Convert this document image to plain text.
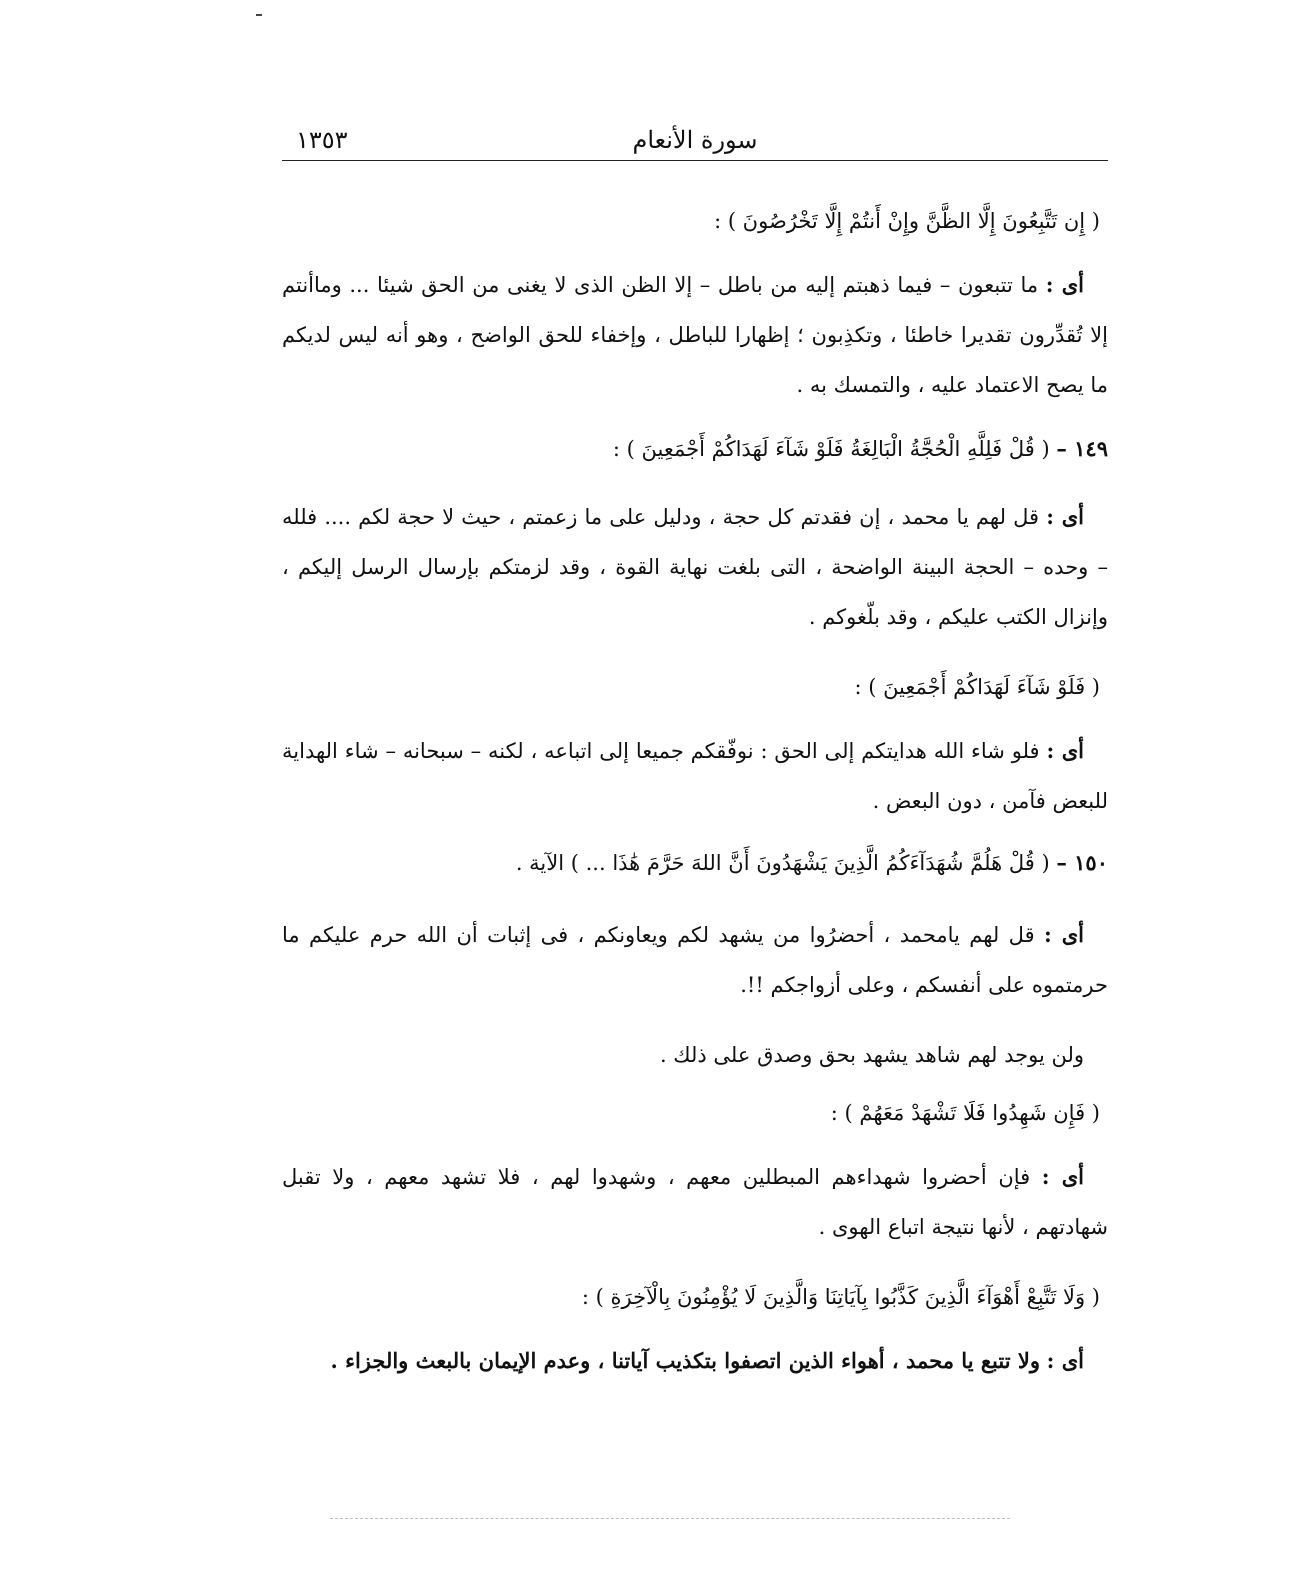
سورة الأنعام
١٣٥٣
( إِن تَتَّبِعُونَ إِلَّا الظَّنَّ وإِنْ أَنتُمْ إِلَّا تَخْرُصُونَ ) :
أى : ما تتبعون – فيما ذهبتم إليه من باطل – إلا الظن الذى لا يغنى من الحق شيئا ... وماأنتم إلا تُقدِّرون تقديرا خاطئا ، وتكذِبون ؛ إظهارا للباطل ، وإخفاء للحق الواضح ، وهو أنه ليس لديكم ما يصح الاعتماد عليه ، والتمسك به .
١٤٩ – ( قُلْ فَلِلَّهِ الْحُجَّةُ الْبَالِغَةُ فَلَوْ شَآءَ لَهَدَاكُمْ أَجْمَعِينَ ) :
أى : قل لهم يا محمد ، إن فقدتم كل حجة ، ودليل على ما زعمتم ، حيث لا حجة لكم .... فلله – وحده – الحجة البينة الواضحة ، التى بلغت نهاية القوة ، وقد لزمتكم بإرسال الرسل إليكم ، وإنزال الكتب عليكم ، وقد بلّغوكم .
( فَلَوْ شَآءَ لَهَدَاكُمْ أَجْمَعِينَ ) :
أى : فلو شاء الله هدايتكم إلى الحق : نوفّقكم جميعا إلى اتباعه ، لكنه – سبحانه – شاء الهداية للبعض فآمن ، دون البعض .
١٥٠ – ( قُلْ هَلُمَّ شُهَدَآءَكُمُ الَّذِينَ يَشْهَدُونَ أَنَّ اللهَ حَرَّمَ هَٰذَا ... ) الآية .
أى : قل لهم يامحمد ، أحضرُوا من يشهد لكم ويعاونكم ، فى إثبات أن الله حرم عليكم ما حرمتموه على أنفسكم ، وعلى أزواجكم !!.
ولن يوجد لهم شاهد يشهد بحق وصدق على ذلك .
( فَإِن شَهِدُوا فَلَا تَشْهَدْ مَعَهُمْ ) :
أى : فإن أحضروا شهداءهم المبطلين معهم ، وشهدوا لهم ، فلا تشهد معهم ، ولا تقبل شهادتهم ، لأنها نتيجة اتباع الهوى .
( وَلَا تَتَّبِعْ أَهْوَآءَ الَّذِينَ كَذَّبُوا بِآيَاتِنَا وَالَّذِينَ لَا يُؤْمِنُونَ بِالْآخِرَةِ ) :
أى : ولا تتبع يا محمد ، أهواء الذين اتصفوا بتكذيب آياتنا ، وعدم الإيمان بالبعث والجزاء .
